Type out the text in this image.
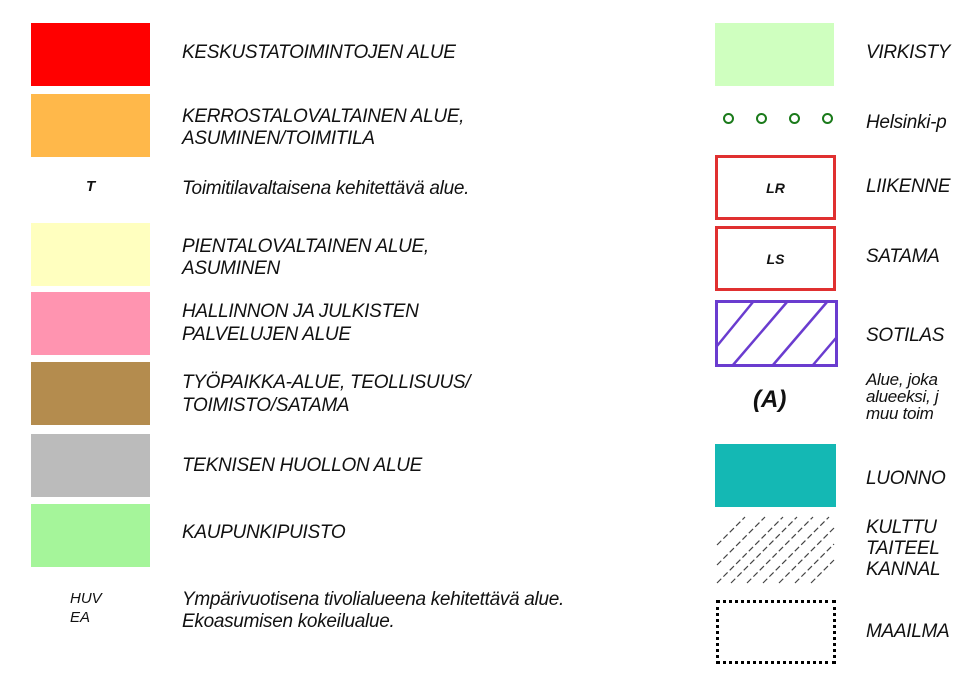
KESKUSTATOIMINTOJEN ALUE
KERROSTALOVALTAINEN ALUE,
ASUMINEN/TOIMITILA
T	Toimitilavaltaisena kehitettävä alue.
PIENTALOVALTAINEN ALUE,
ASUMINEN
HALLINNON JA JULKISTEN
PALVELUJEN ALUE
TYÖPAIKKA-ALUE, TEOLLISUUS/
TOIMISTO/SATAMA
TEKNISEN HUOLLON ALUE
KAUPUNKIPUISTO
HUV
EA
Ympärivuotisena tivolialueena kehitettävä alue.
Ekoasumisen kokeilualue.
VIRKISTY
Helsinki-p
LR	LIIKENNE
LS	SATAMA
SOTILAS
(A)
Alue, joka
alueeksi, j
muu toim
LUONNO
KULTTU
TAITEEL
KANNAL
MAAILMA
